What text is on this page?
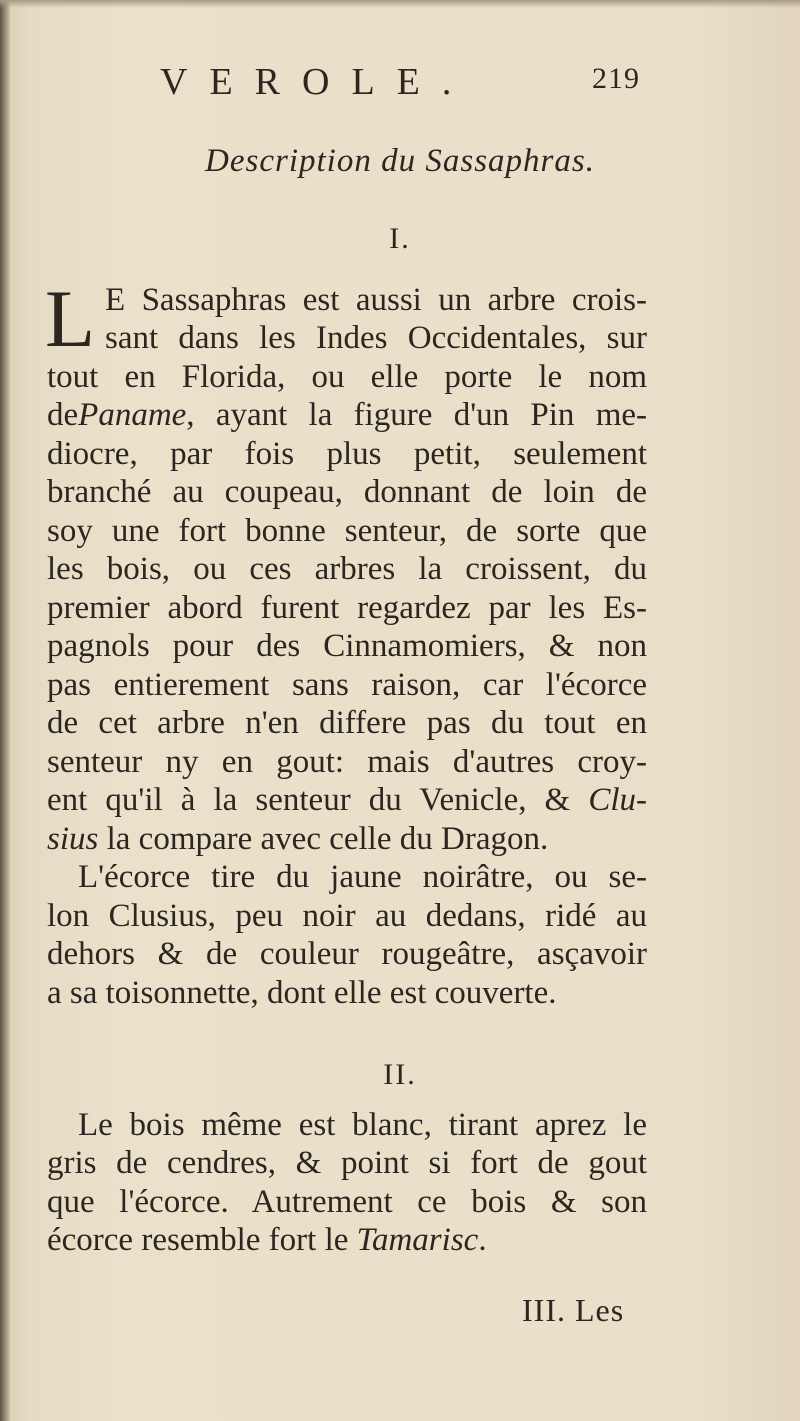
VEROLE.	219
Description du Sassaphras.
I.
L E Sassaphras est aussi un arbre crois-
sant dans les Indes Occidentales, sur
tout en Florida, ou elle porte le nom
dePaname, ayant la figure d'un Pin me-
diocre, par fois plus petit, seulement
branché au coupeau, donnant de loin de
soy une fort bonne senteur, de sorte que
les bois, ou ces arbres la croissent, du
premier abord furent regardez par les Es-
pagnols pour des Cinnamomiers, & non
pas entierement sans raison, car l'écorce
de cet arbre n'en differe pas du tout en
senteur ny en gout: mais d'autres croy-
ent qu'il à la senteur du Venicle, & Clu-
sius la compare avec celle du Dragon.
L'écorce tire du jaune noirâtre, ou se-
lon Clusius, peu noir au dedans, ridé au
dehors & de couleur rougeâtre, asçavoir
a sa toisonnette, dont elle est couverte.
II.
Le bois même est blanc, tirant aprez le
gris de cendres, & point si fort de gout
que l'écorce. Autrement ce bois & son
écorce resemble fort le Tamarisc.
III. Les
